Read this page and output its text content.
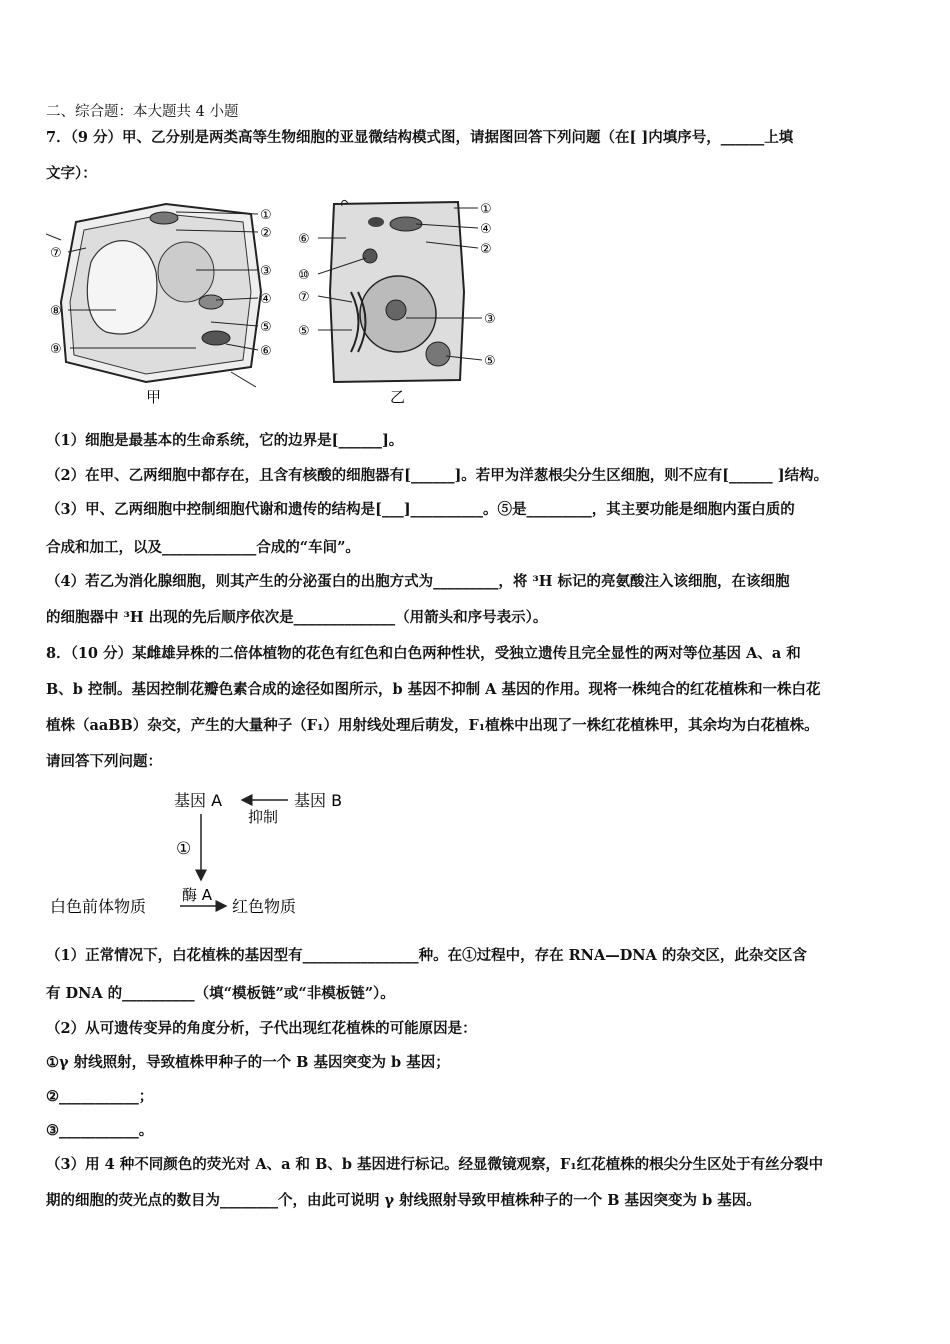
二、综合题：本大题共 4 小题
7．（9 分）甲、乙分别是两类高等生物细胞的亚显微结构模式图，请据图回答下列问题（在[ ]内填序号，______上填
文字）：
①
②
③
④
⑤
⑥
⑦
⑧
⑨
甲
①
④
②
⑥
⑩
⑦
③
⑤
⑤
乙
（1）细胞是最基本的生命系统，它的边界是[______]。
（2）在甲、乙两细胞中都存在，且含有核酸的细胞器有[______]。若甲为洋葱根尖分生区细胞，则不应有[______ ]结构。
（3）甲、乙两细胞中控制细胞代谢和遗传的结构是[___]__________。⑤是_________，其主要功能是细胞内蛋白质的
合成和加工，以及_____________合成的“车间”。
（4）若乙为消化腺细胞，则其产生的分泌蛋白的出胞方式为_________，将 ³H 标记的亮氨酸注入该细胞，在该细胞
的细胞器中 ³H 出现的先后顺序依次是______________（用箭头和序号表示）。
8．（10 分）某雌雄异株的二倍体植物的花色有红色和白色两种性状，受独立遗传且完全显性的两对等位基因 A、a 和
B、b 控制。基因控制花瓣色素合成的途径如图所示，b 基因不抑制 A 基因的作用。现将一株纯合的红花植株和一株白花
植株（aaBB）杂交，产生的大量种子（F₁）用射线处理后萌发，F₁植株中出现了一株红花植株甲，其余均为白花植株。
请回答下列问题：
基因 A	基因 B
抑制
①
酶 A
白色前体物质	红色物质
（1）正常情况下，白花植株的基因型有________________种。在①过程中，存在 RNA—DNA 的杂交区，此杂交区含
有 DNA 的__________（填“模板链”或“非模板链”）。
（2）从可遗传变异的角度分析，子代出现红花植株的可能原因是：
①γ 射线照射，导致植株甲种子的一个 B 基因突变为 b 基因；
②___________；
③___________。
（3）用 4 种不同颜色的荧光对 A、a 和 B、b 基因进行标记。经显微镜观察，F₁红花植株的根尖分生区处于有丝分裂中
期的细胞的荧光点的数目为________个，由此可说明 γ 射线照射导致甲植株种子的一个 B 基因突变为 b 基因。
